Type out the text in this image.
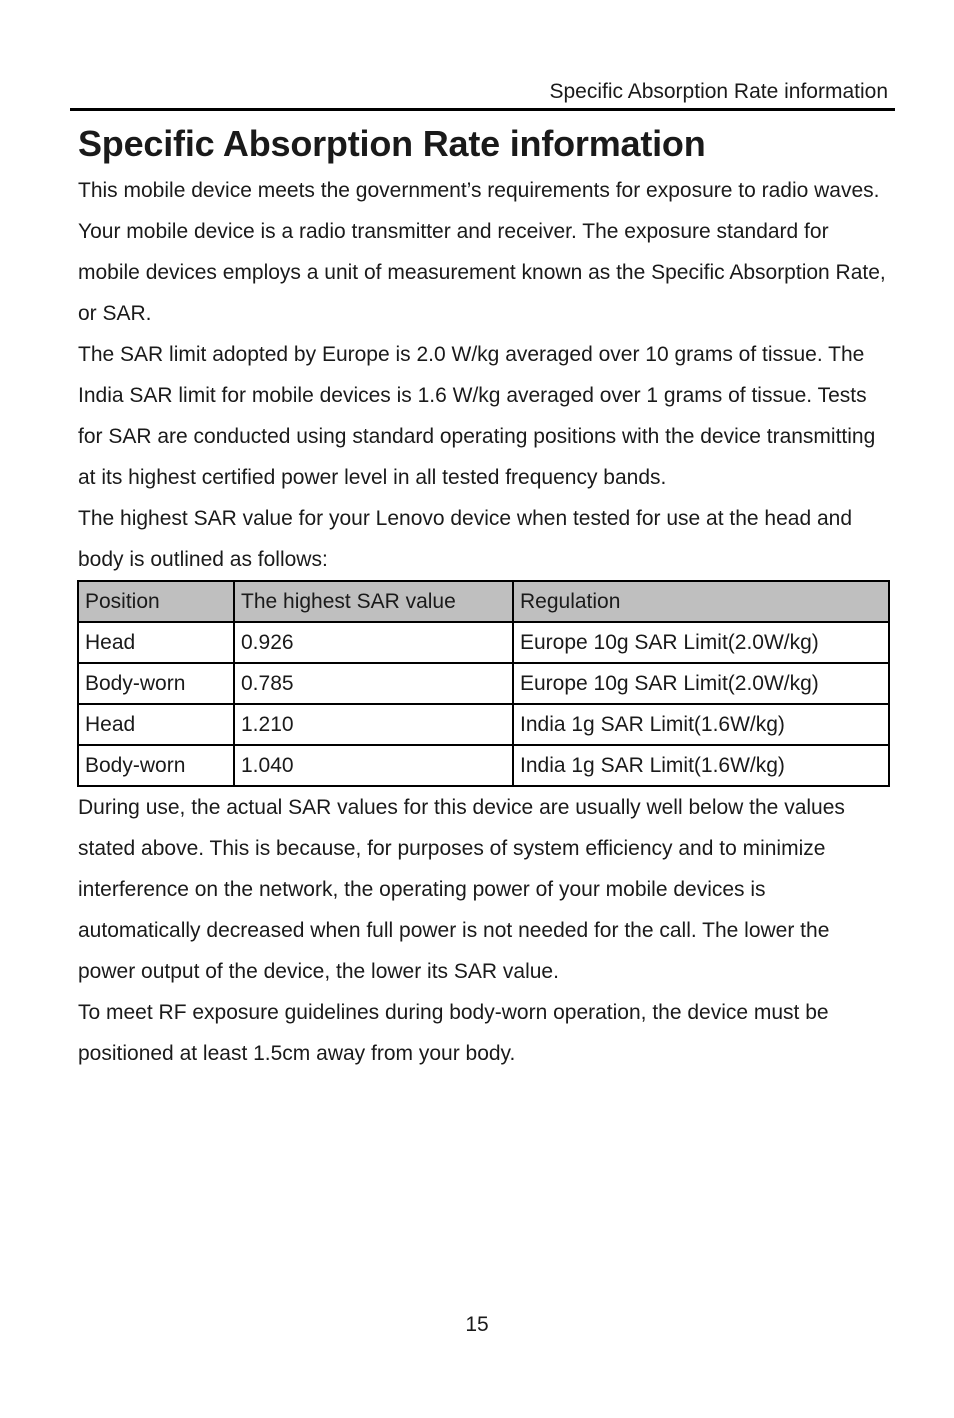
Specific Absorption Rate information
Specific Absorption Rate information

This mobile device meets the government’s requirements for exposure to radio waves. Your mobile device is a radio transmitter and receiver. The exposure standard for mobile devices employs a unit of measurement known as the Specific Absorption Rate, or SAR.

The SAR limit adopted by Europe is 2.0 W/kg averaged over 10 grams of tissue. The India SAR limit for mobile devices is 1.6 W/kg averaged over 1 grams of tissue. Tests for SAR are conducted using standard operating positions with the device transmitting at its highest certified power level in all tested frequency bands.

The highest SAR value for your Lenovo device when tested for use at the head and body is outlined as follows:

Position	The highest SAR value	Regulation
Head	0.926	Europe 10g SAR Limit(2.0W/kg)
Body-worn	0.785	Europe 10g SAR Limit(2.0W/kg)
Head	1.210	India 1g SAR Limit(1.6W/kg)
Body-worn	1.040	India 1g SAR Limit(1.6W/kg)

During use, the actual SAR values for this device are usually well below the values stated above. This is because, for purposes of system efficiency and to minimize interference on the network, the operating power of your mobile devices is automatically decreased when full power is not needed for the call. The lower the power output of the device, the lower its SAR value.

To meet RF exposure guidelines during body-worn operation, the device must be positioned at least 1.5cm away from your body.

15
